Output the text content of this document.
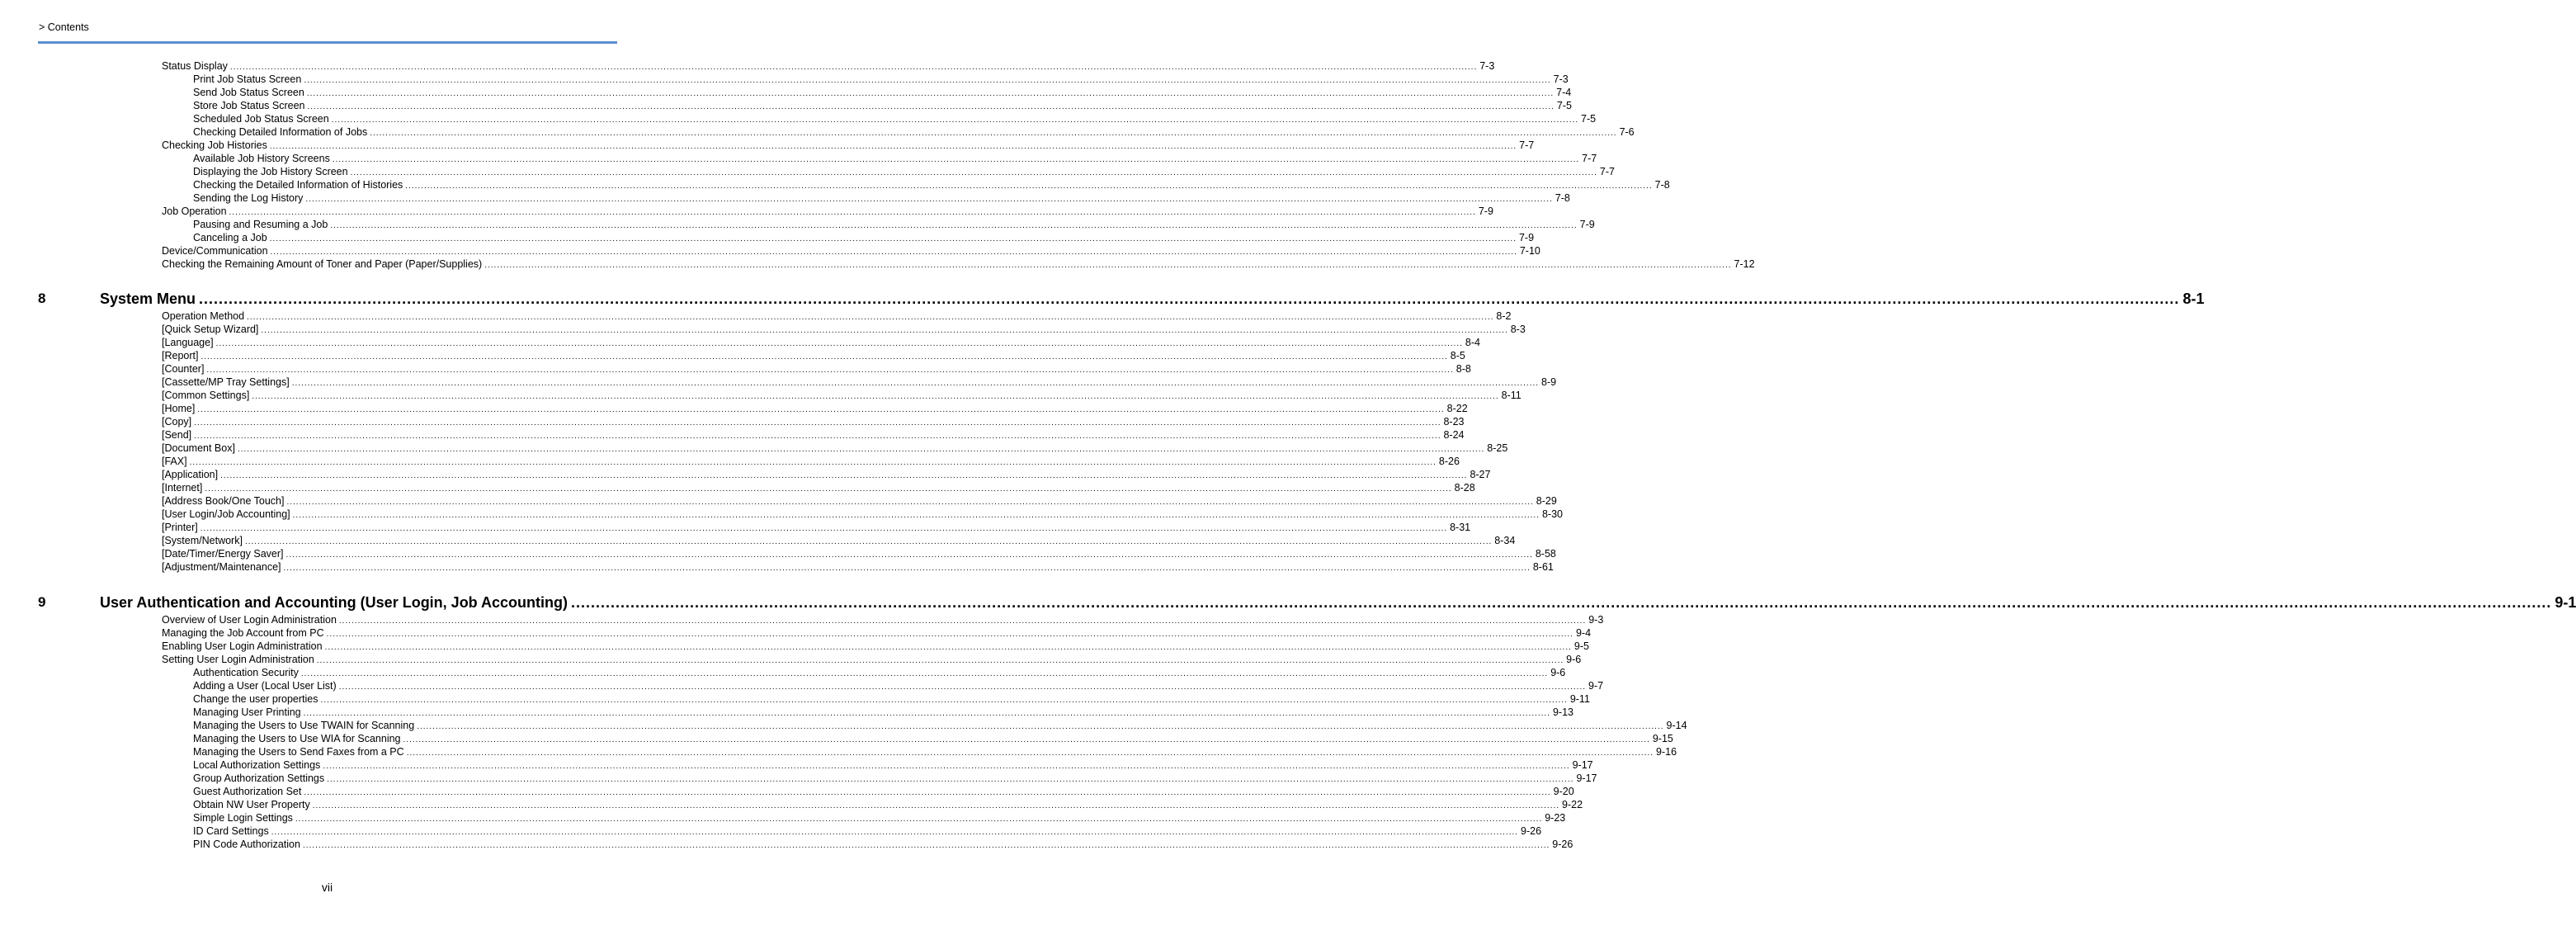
> Contents
Status Display ................................................................................................................................................................................................................................................................................................................................................................................................................ 7-3
Print Job Status Screen ................................................................................................................................................................................................................................................................................................................................................................................................................ 7-3
Send Job Status Screen ................................................................................................................................................................................................................................................................................................................................................................................................................ 7-4
Store Job Status Screen ................................................................................................................................................................................................................................................................................................................................................................................................................ 7-5
Scheduled Job Status Screen ................................................................................................................................................................................................................................................................................................................................................................................................................ 7-5
Checking Detailed Information of Jobs ................................................................................................................................................................................................................................................................................................................................................................................................................ 7-6
Checking Job Histories ................................................................................................................................................................................................................................................................................................................................................................................................................ 7-7
Available Job History Screens ................................................................................................................................................................................................................................................................................................................................................................................................................ 7-7
Displaying the Job History Screen ................................................................................................................................................................................................................................................................................................................................................................................................................ 7-7
Checking the Detailed Information of Histories ................................................................................................................................................................................................................................................................................................................................................................................................................ 7-8
Sending the Log History ................................................................................................................................................................................................................................................................................................................................................................................................................ 7-8
Job Operation ................................................................................................................................................................................................................................................................................................................................................................................................................ 7-9
Pausing and Resuming a Job ................................................................................................................................................................................................................................................................................................................................................................................................................ 7-9
Canceling a Job ................................................................................................................................................................................................................................................................................................................................................................................................................ 7-9
Device/Communication ................................................................................................................................................................................................................................................................................................................................................................................................................ 7-10
Checking the Remaining Amount of Toner and Paper (Paper/Supplies) ................................................................................................................................................................................................................................................................................................................................................................................................................ 7-12
8	System Menu ................................................................................................................................................................................................................................................................................................................................................................................................................ 8-1
Operation Method ................................................................................................................................................................................................................................................................................................................................................................................................................ 8-2
[Quick Setup Wizard] ................................................................................................................................................................................................................................................................................................................................................................................................................ 8-3
[Language] ................................................................................................................................................................................................................................................................................................................................................................................................................ 8-4
[Report] ................................................................................................................................................................................................................................................................................................................................................................................................................ 8-5
[Counter] ................................................................................................................................................................................................................................................................................................................................................................................................................ 8-8
[Cassette/MP Tray Settings] ................................................................................................................................................................................................................................................................................................................................................................................................................ 8-9
[Common Settings] ................................................................................................................................................................................................................................................................................................................................................................................................................ 8-11
[Home] ................................................................................................................................................................................................................................................................................................................................................................................................................ 8-22
[Copy] ................................................................................................................................................................................................................................................................................................................................................................................................................ 8-23
[Send] ................................................................................................................................................................................................................................................................................................................................................................................................................ 8-24
[Document Box] ................................................................................................................................................................................................................................................................................................................................................................................................................ 8-25
[FAX] ................................................................................................................................................................................................................................................................................................................................................................................................................ 8-26
[Application] ................................................................................................................................................................................................................................................................................................................................................................................................................ 8-27
[Internet] ................................................................................................................................................................................................................................................................................................................................................................................................................ 8-28
[Address Book/One Touch] ................................................................................................................................................................................................................................................................................................................................................................................................................ 8-29
[User Login/Job Accounting] ................................................................................................................................................................................................................................................................................................................................................................................................................ 8-30
[Printer] ................................................................................................................................................................................................................................................................................................................................................................................................................ 8-31
[System/Network] ................................................................................................................................................................................................................................................................................................................................................................................................................ 8-34
[Date/Timer/Energy Saver] ................................................................................................................................................................................................................................................................................................................................................................................................................ 8-58
[Adjustment/Maintenance] ................................................................................................................................................................................................................................................................................................................................................................................................................ 8-61
9	User Authentication and Accounting (User Login, Job Accounting) ................................................................................................................................................................................................................................................................................................................................................................................................................ 9-1
Overview of User Login Administration ................................................................................................................................................................................................................................................................................................................................................................................................................ 9-3
Managing the Job Account from PC ................................................................................................................................................................................................................................................................................................................................................................................................................ 9-4
Enabling User Login Administration ................................................................................................................................................................................................................................................................................................................................................................................................................ 9-5
Setting User Login Administration ................................................................................................................................................................................................................................................................................................................................................................................................................ 9-6
Authentication Security ................................................................................................................................................................................................................................................................................................................................................................................................................ 9-6
Adding a User (Local User List) ................................................................................................................................................................................................................................................................................................................................................................................................................ 9-7
Change the user properties ................................................................................................................................................................................................................................................................................................................................................................................................................ 9-11
Managing User Printing ................................................................................................................................................................................................................................................................................................................................................................................................................ 9-13
Managing the Users to Use TWAIN for Scanning ................................................................................................................................................................................................................................................................................................................................................................................................................ 9-14
Managing the Users to Use WIA for Scanning ................................................................................................................................................................................................................................................................................................................................................................................................................ 9-15
Managing the Users to Send Faxes from a PC ................................................................................................................................................................................................................................................................................................................................................................................................................ 9-16
Local Authorization Settings ................................................................................................................................................................................................................................................................................................................................................................................................................ 9-17
Group Authorization Settings ................................................................................................................................................................................................................................................................................................................................................................................................................ 9-17
Guest Authorization Set ................................................................................................................................................................................................................................................................................................................................................................................................................ 9-20
Obtain NW User Property ................................................................................................................................................................................................................................................................................................................................................................................................................ 9-22
Simple Login Settings ................................................................................................................................................................................................................................................................................................................................................................................................................ 9-23
ID Card Settings ................................................................................................................................................................................................................................................................................................................................................................................................................ 9-26
PIN Code Authorization ................................................................................................................................................................................................................................................................................................................................................................................................................ 9-26
vii
